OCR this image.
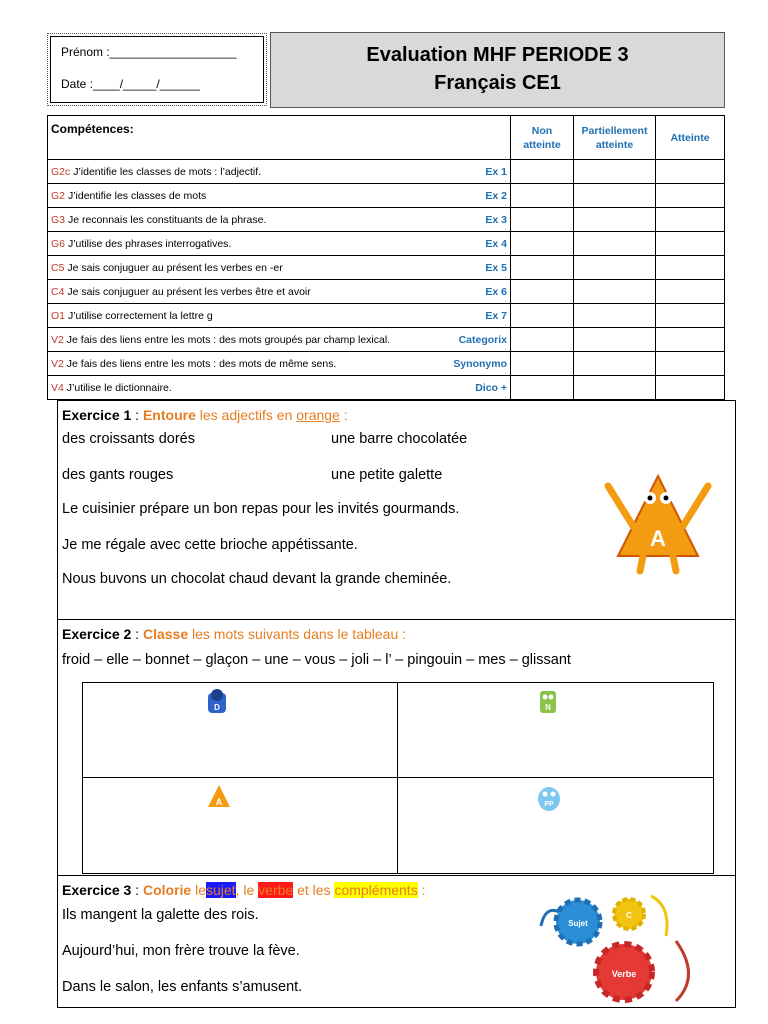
Prénom :___________________
Date :____/_____/______
Evaluation MHF PERIODE 3
Français CE1
Compétences:	Non atteinte	Partiellement atteinte	Atteinte
G2c J’identifie les classes de mots : l’adjectif. Ex 1			

G2 J’identifie les classes de mots Ex 2			

G3 Je reconnais les constituants de la phrase. Ex 3			

G6 J’utilise des phrases interrogatives. Ex 4			

C5 Je sais conjuguer au présent les verbes en -er Ex 5			

C4 Je sais conjuguer au présent les verbes être et avoir Ex 6			

O1 J’utilise correctement la lettre g Ex 7			

V2 Je fais des liens entre les mots : des mots groupés par champ lexical. Categorix			

V2 Je fais des liens entre les mots : des mots de même sens. Synonymo			

V4 J’utilise le dictionnaire. Dico +			

Exercice 1 : Entoure les adjectifs en orange :
des croissants dorés	une barre chocolatée
des gants rouges	une petite galette
Le cuisinier prépare un bon repas pour les invités gourmands.
Je me régale avec cette brioche appétissante.
Nous buvons un chocolat chaud devant la grande cheminée.
A
Exercice 2 : Classe les mots suivants dans le tableau :
froid – elle – bonnet – glaçon – une – vous – joli – l’ – pingouin – mes – glissant
D	N
A	PP
Exercice 3 : Colorie lesujet, le verbe et les compléments :
Ils mangent la galette des rois.
Aujourd’hui, mon frère trouve la fève.
Dans le salon, les enfants s’amusent.
Sujet
C
Verbe
